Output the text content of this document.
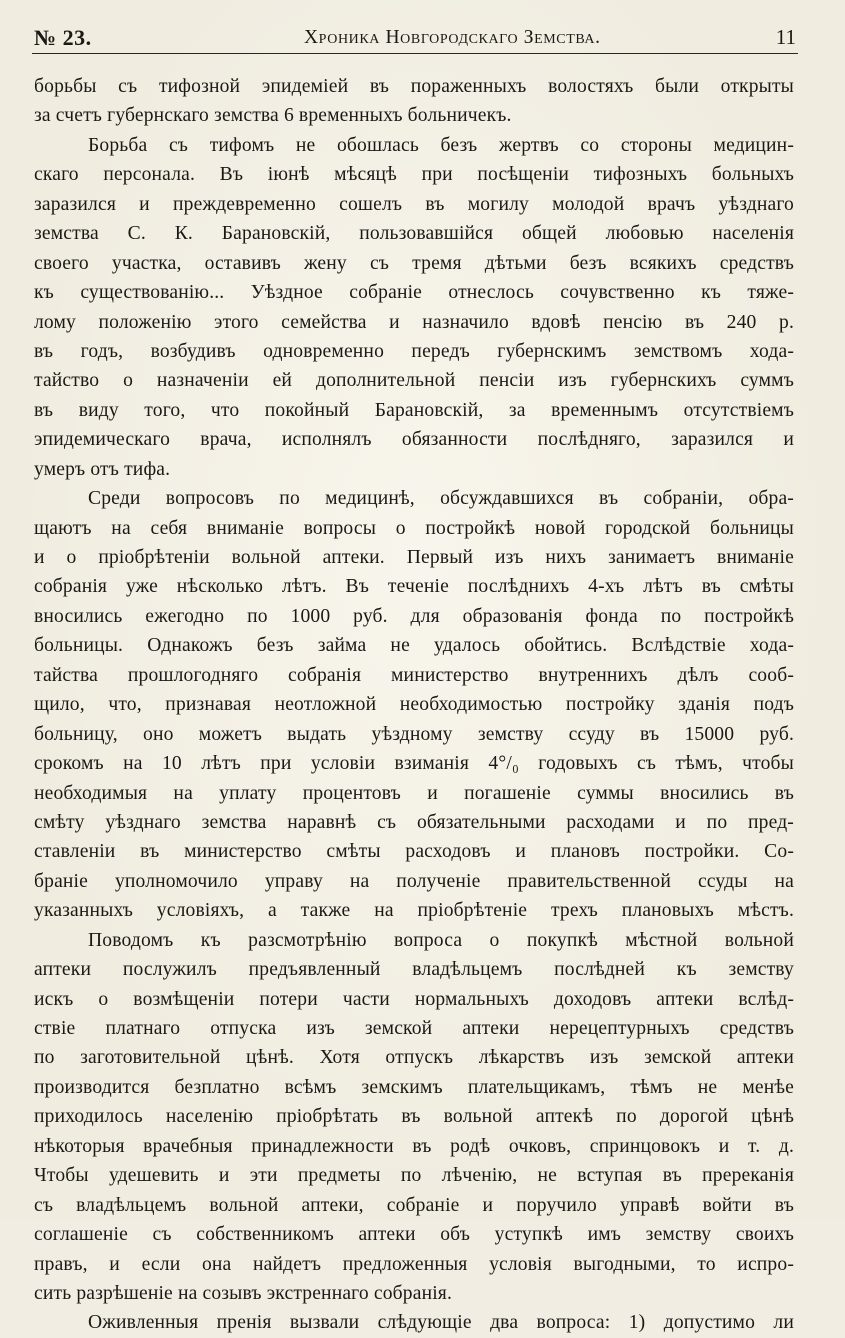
№ 23.	Хроника Новгородскаго Земства.	11
борьбы съ тифозной эпидеміей въ пораженныхъ волостяхъ были открыты
за счетъ губернскаго земства 6 временныхъ больничекъ.
Борьба съ тифомъ не обошлась безъ жертвъ со стороны медицин-
скаго персонала. Въ іюнѣ мѣсяцѣ при посѣщеніи тифозныхъ больныхъ
заразился и преждевременно сошелъ въ могилу молодой врачъ уѣзднаго
земства С. К. Барановскій, пользовавшійся общей любовью населенія
своего участка, оставивъ жену съ тремя дѣтьми безъ всякихъ средствъ
къ существованію... Уѣздное собраніе отнеслось сочувственно къ тяже-
лому положенію этого семейства и назначило вдовѣ пенсію въ 240 р.
въ годъ, возбудивъ одновременно передъ губернскимъ земствомъ хода-
тайство о назначеніи ей дополнительной пенсіи изъ губернскихъ суммъ
въ виду того, что покойный Барановскій, за временнымъ отсутствіемъ
эпидемическаго врача, исполнялъ обязанности послѣдняго, заразился и
умеръ отъ тифа.
Среди вопросовъ по медицинѣ, обсуждавшихся въ собраніи, обра-
щаютъ на себя вниманіе вопросы о постройкѣ новой городской больницы
и о пріобрѣтеніи вольной аптеки. Первый изъ нихъ занимаетъ вниманіе
собранія уже нѣсколько лѣтъ. Въ теченіе послѣднихъ 4-хъ лѣтъ въ смѣты
вносились ежегодно по 1000 руб. для образованія фонда по постройкѣ
больницы. Однакожъ безъ займа не удалось обойтись. Вслѣдствіе хода-
тайства прошлогодняго собранія министерство внутреннихъ дѣлъ сооб-
щило, что, признавая неотложной необходимостью постройку зданія подъ
больницу, оно можетъ выдать уѣздному земству ссуду въ 15000 руб.
срокомъ на 10 лѣтъ при условіи взиманія 4°/₀ годовыхъ съ тѣмъ, чтобы
необходимыя на уплату процентовъ и погашеніе суммы вносились въ
смѣту уѣзднаго земства наравнѣ съ обязательными расходами и по пред-
ставленіи въ министерство смѣты расходовъ и плановъ постройки. Со-
браніе уполномочило управу на полученіе правительственной ссуды на
указанныхъ условіяхъ, а также на пріобрѣтеніе трехъ плановыхъ мѣстъ.
Поводомъ къ разсмотрѣнію вопроса о покупкѣ мѣстной вольной
аптеки послужилъ предъявленный владѣльцемъ послѣдней къ земству
искъ о возмѣщеніи потери части нормальныхъ доходовъ аптеки вслѣд-
ствіе платнаго отпуска изъ земской аптеки нерецептурныхъ средствъ
по заготовительной цѣнѣ. Хотя отпускъ лѣкарствъ изъ земской аптеки
производится безплатно всѣмъ земскимъ плательщикамъ, тѣмъ не менѣе
приходилось населенію пріобрѣтать въ вольной аптекѣ по дорогой цѣнѣ
нѣкоторыя врачебныя принадлежности въ родѣ очковъ, спринцовокъ и т. д.
Чтобы удешевить и эти предметы по лѣченію, не вступая въ пререканія
съ владѣльцемъ вольной аптеки, собраніе и поручило управѣ войти въ
соглашеніе съ собственникомъ аптеки объ уступкѣ имъ земству своихъ
правъ, и если она найдетъ предложенныя условія выгодными, то испро-
сить разрѣшеніе на созывъ экстреннаго собранія.
Оживленныя пренія вызвали слѣдующіе два вопроса: 1) допустимо ли
